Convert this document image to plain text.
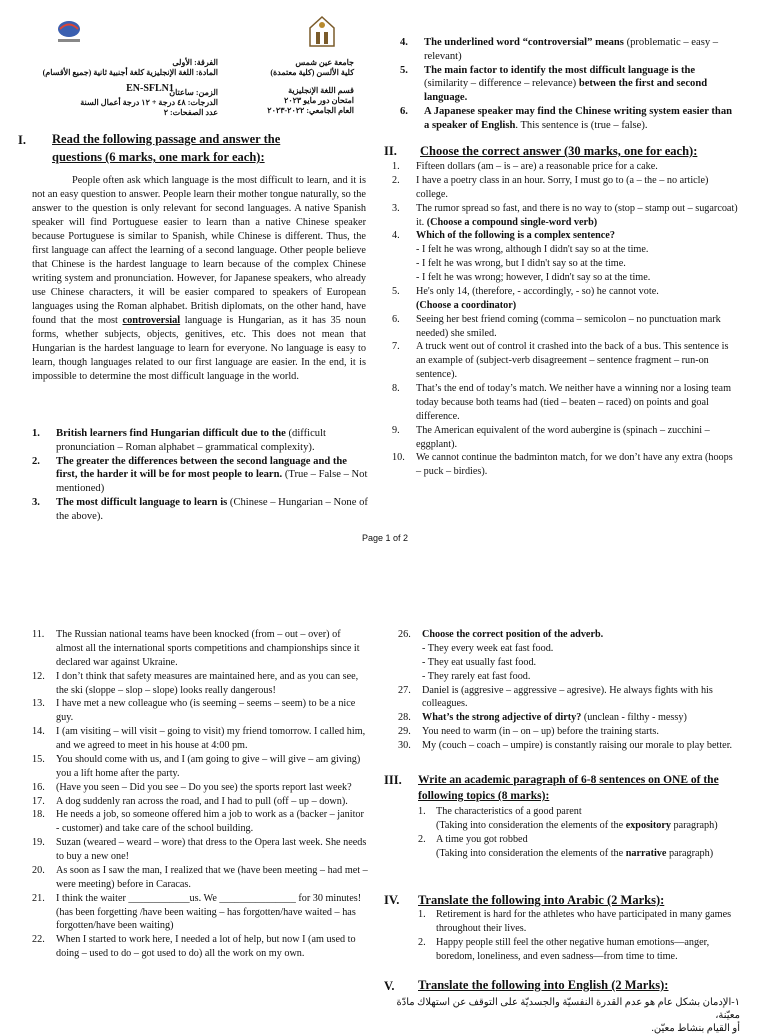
جامعة عين شمس
كلية الألسن (كلية معتمدة)
قسم اللغة الإنجليزية
امتحان دور مايو ٢٠٢٣
العام الجامعي: ٢٠٢٢-٢٠٢٣
الفرقة: الأولى
المادة: اللغة الإنجليزية كلغة أجنبية ثانية (جميع الأقسام)
الزمن: ساعتان
الدرجات: ٤٨ درجة + ١٢ درجة أعمال السنة
عدد الصفحات: ٢
EN-SFLN1
I. Read the following passage and answer the
questions (6 marks, one mark for each):
People often ask which language is the most difficult to learn, and it is not an easy question to answer. People learn their mother tongue naturally, so the answer to the question is only relevant for second languages. A native Spanish speaker will find Portuguese easier to learn than a native Chinese speaker because Portuguese is similar to Spanish, while Chinese is different. Thus, the first language can affect the learning of a second language. Other people believe that Chinese is the hardest language to learn because of the complex Chinese writing system and pronunciation. However, for Japanese speakers, who already use Chinese characters, it will be easier compared to speakers of European languages using the Roman alphabet. British diplomats, on the other hand, have found that the most controversial language is Hungarian, as it has 35 noun forms, whether subjects, objects, genitives, etc. This does not mean that Hungarian is the hardest language to learn for everyone. No language is easy to learn, though languages related to our first language are easier. In the end, it is impossible to determine the most difficult language in the world.
1. British learners find Hungarian difficult due to the (difficult pronunciation – Roman alphabet – grammatical complexity).
2. The greater the differences between the second language and the first, the harder it will be for most people to learn. (True – False – Not mentioned)
3. The most difficult language to learn is (Chinese – Hungarian – None of the above).
4. The underlined word “controversial” means (problematic – easy – relevant)
5. The main factor to identify the most difficult language is the (similarity – difference – relevance) between the first and second language.
6. A Japanese speaker may find the Chinese writing system easier than a speaker of English. This sentence is (true – false).
II. Choose the correct answer (30 marks, one for each):
1. Fifteen dollars (am – is – are) a reasonable price for a cake.
2. I have a poetry class in an hour. Sorry, I must go to (a – the – no article) college.
3. The rumor spread so fast, and there is no way to (stop – stamp out – sugarcoat) it. (Choose a compound single-word verb)
4. Which of the following is a complex sentence?
- I felt he was wrong, although I didn't say so at the time.
- I felt he was wrong, but I didn't say so at the time.
- I felt he was wrong; however, I didn't say so at the time.
5. He's only 14, (therefore, - accordingly, - so) he cannot vote.
(Choose a coordinator)
6. Seeing her best friend coming (comma – semicolon – no punctuation mark needed) she smiled.
7. A truck went out of control it crashed into the back of a bus. This sentence is an example of (subject-verb disagreement – sentence fragment – run-on sentence).
8. That’s the end of today’s match. We neither have a winning nor a losing team today because both teams had (tied – beaten – raced) on points and goal difference.
9. The American equivalent of the word aubergine is (spinach – zucchini – eggplant).
10. We cannot continue the badminton match, for we don’t have any extra (hoops – puck – birdies).
Page 1 of 2
11. The Russian national teams have been knocked (from – out – over) of almost all the international sports competitions and championships since it declared war against Ukraine.
12. I don’t think that safety measures are maintained here, and as you can see, the ski (sloppe – slop – slope) looks really dangerous!
13. I have met a new colleague who (is seeming – seems – seem) to be a nice guy.
14. I (am visiting – will visit – going to visit) my friend tomorrow. I called him, and we agreed to meet in his house at 4:00 pm.
15. You should come with us, and I (am going to give – will give – am giving) you a lift home after the party.
16. (Have you seen – Did you see – Do you see) the sports report last week?
17. A dog suddenly ran across the road, and I had to pull (off – up – down).
18. He needs a job, so someone offered him a job to work as a (backer – janitor - customer) and take care of the school building.
19. Suzan (weared – weard – wore) that dress to the Opera last week. She needs to buy a new one!
20. As soon as I saw the man, I realized that we (have been meeting – had met – were meeting) before in Caracas.
21. I think the waiter ____________us. We _______________ for 30 minutes! (has been forgetting /have been waiting – has forgotten/have waited – has forgotten/have been waiting)
22. When I started to work here, I needed a lot of help, but now I (am used to doing – used to do – got used to do) all the work on my own.
26. Choose the correct position of the adverb.
- They every week eat fast food.
- They eat usually fast food.
- They rarely eat fast food.
27. Daniel is (aggresive – aggressive – agresive). He always fights with his colleagues.
28. What’s the strong adjective of dirty? (unclean - filthy - messy)
29. You need to warm (in – on – up) before the training starts.
30. My (couch – coach – umpire) is constantly raising our morale to play better.
III. Write an academic paragraph of 6-8 sentences on ONE of the following topics (8 marks):
1. The characteristics of a good parent
(Taking into consideration the elements of the expository paragraph)
2. A time you got robbed
(Taking into consideration the elements of the narrative paragraph)
IV. Translate the following into Arabic (2 Marks):
1. Retirement is hard for the athletes who have participated in many games throughout their lives.
2. Happy people still feel the other negative human emotions—anger, boredom, loneliness, and even sadness—from time to time.
V. Translate the following into English (2 Marks):
١-الإدمان بشكل عام هو عدم القدرة النفسيّة والجسديّة على التوقف عن استهلاك مادّة معيّنة،
أو القيام بنشاط معيّن.
